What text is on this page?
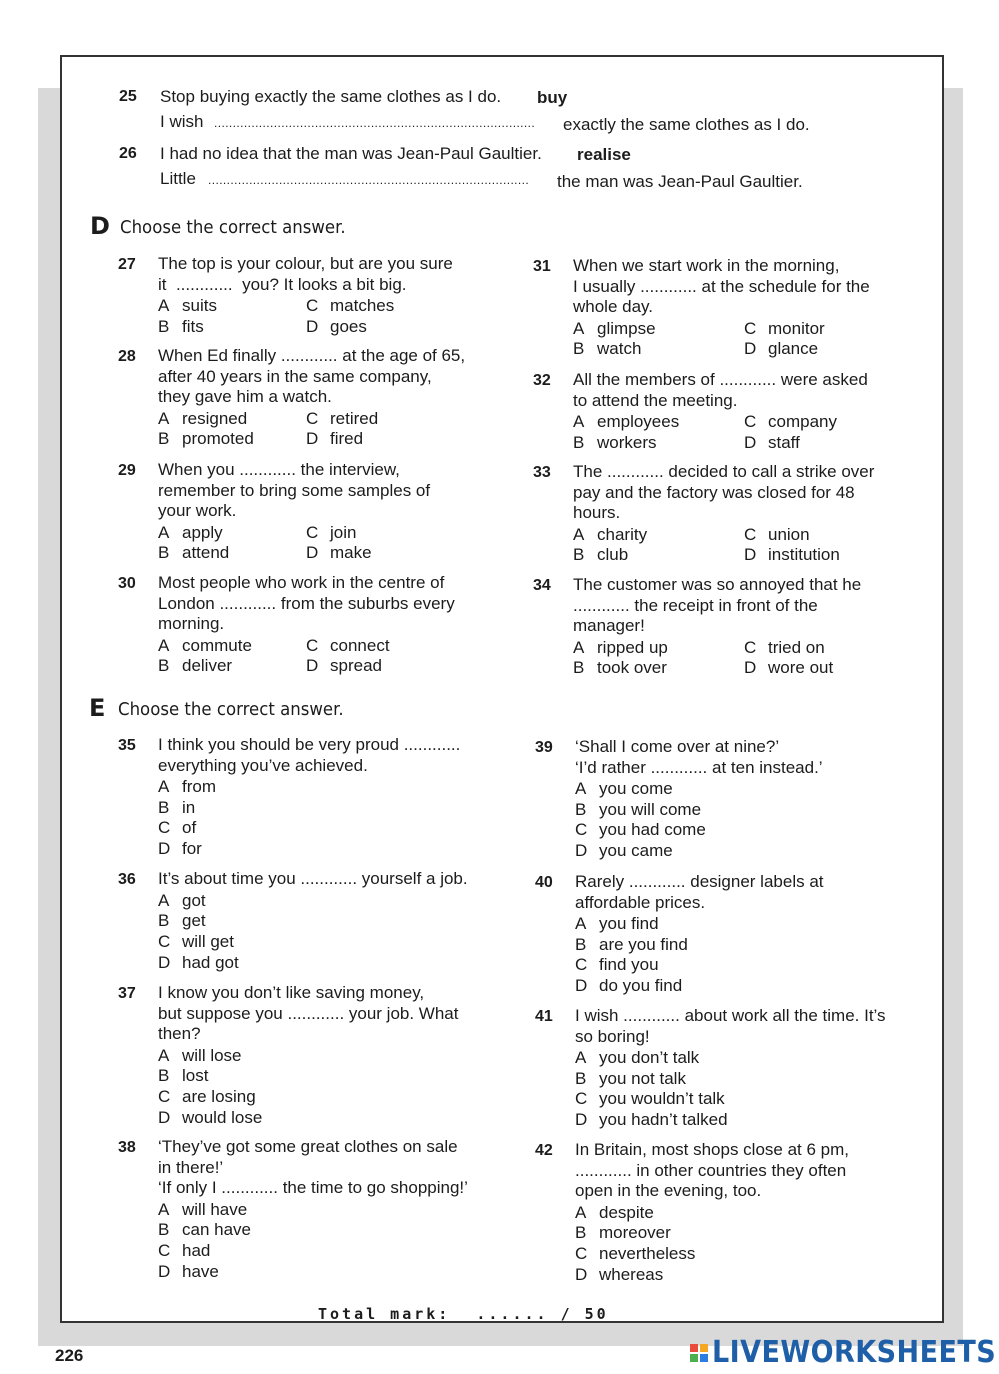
25 Stop buying exactly the same clothes as I do. buy
I wish ......................................................................................	exactly the same clothes as I do.
26 I had no idea that the man was Jean-Paul Gaultier. realise
Little ......................................................................................	the man was Jean-Paul Gaultier.
D Choose the correct answer.
27 The top is your colour, but are you sure
it  ............  you? It looks a bit big.
A suits	C matches
B fits	D goes
28 When Ed finally ............ at the age of 65,
after 40 years in the same company,
they gave him a watch.
A resigned	C retired
B promoted	D fired
29 When you ............ the interview,
remember to bring some samples of
your work.
A apply	C join
B attend	D make
30 Most people who work in the centre of
London ............ from the suburbs every
morning.
A commute	C connect
B deliver	D spread
31 When we start work in the morning,
I usually ............ at the schedule for the
whole day.
A glimpse	C monitor
B watch	D glance
32 All the members of ............ were asked
to attend the meeting.
A employees	C company
B workers	D staff
33 The ............ decided to call a strike over
pay and the factory was closed for 48
hours.
A charity	C union
B club	D institution
34 The customer was so annoyed that he
............ the receipt in front of the
manager!
A ripped up	C tried on
B took over	D wore out
E Choose the correct answer.
35 I think you should be very proud ............
everything you’ve achieved.
A from
B in
C of
D for
36 It’s about time you ............ yourself a job.
A got
B get
C will get
D had got
37 I know you don’t like saving money,
but suppose you ............ your job. What
then?
A will lose
B lost
C are losing
D would lose
38 ‘They’ve got some great clothes on sale
in there!’
‘If only I ............ the time to go shopping!’
A will have
B can have
C had
D have
39 ‘Shall I come over at nine?’
‘I’d rather ............ at ten instead.’
A you come
B you will come
C you had come
D you came
40 Rarely ............ designer labels at
affordable prices.
A you find
B are you find
C find you
D do you find
41 I wish ............ about work all the time. It’s
so boring!
A you don’t talk
B you not talk
C you wouldn’t talk
D you hadn’t talked
42 In Britain, most shops close at 6 pm,
............ in other countries they often
open in the evening, too.
A despite
B moreover
C nevertheless
D whereas
Total mark: ...... / 50
226	LIVEWORKSHEETS
